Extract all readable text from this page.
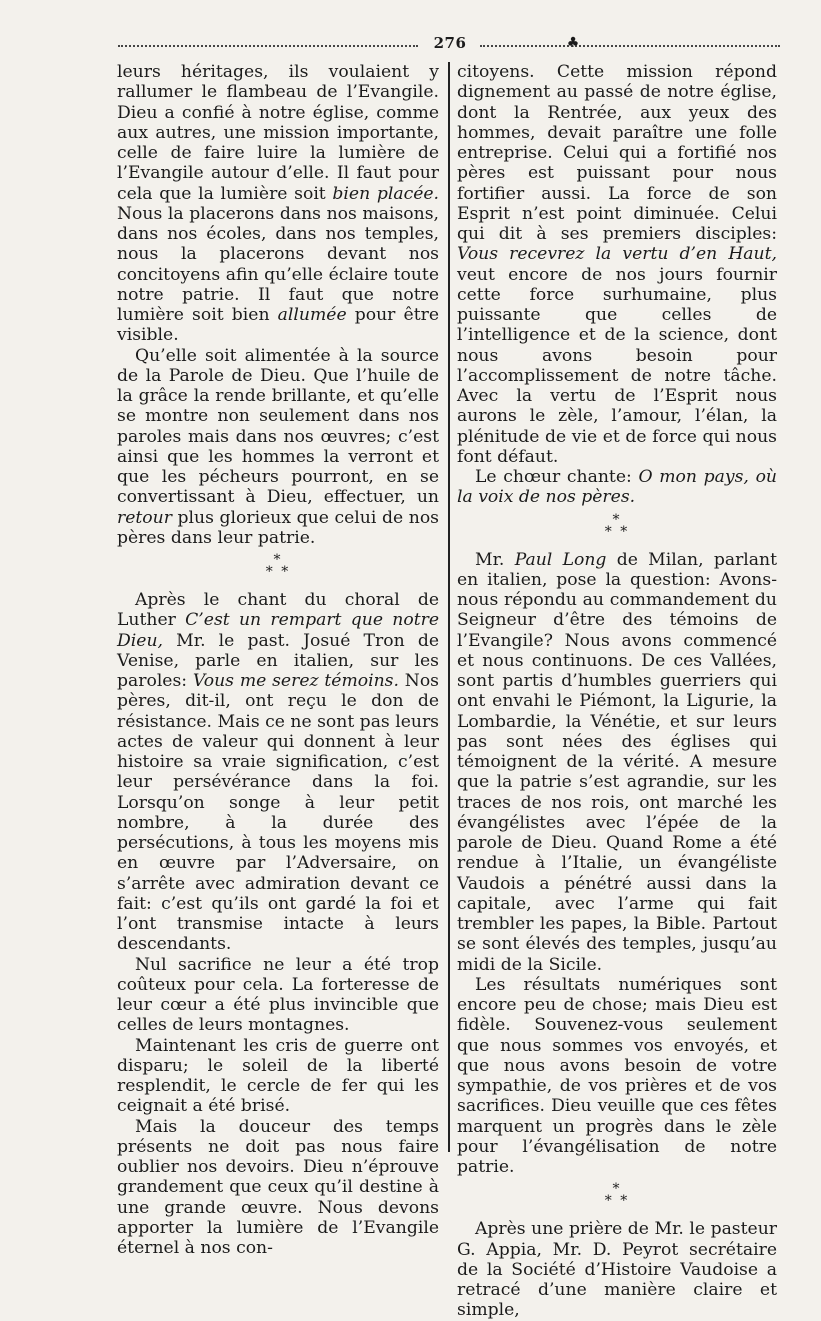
276	♣

leurs héritages, ils voulaient y rallumer le flambeau de l’Evangile. Dieu a confié à notre église, comme aux autres, une mission importante, celle de faire luire la lumière de l’Evangile autour d’elle. Il faut pour cela que la lumière soit bien placée. Nous la placerons dans nos maisons, dans nos écoles, dans nos temples, nous la placerons devant nos concitoyens afin qu’elle éclaire toute notre patrie. Il faut que notre lumière soit bien allumée pour être visible.

Qu’elle soit alimentée à la source de la Parole de Dieu. Que l’huile de la grâce la rende brillante, et qu’elle se montre non seulement dans nos paroles mais dans nos œuvres; c’est ainsi que les hommes la verront et que les pécheurs pourront, en se convertissant à Dieu, effectuer, un retour plus glorieux que celui de nos pères dans leur patrie.

*
* *

Après le chant du choral de Luther C’est un rempart que notre Dieu, Mr. le past. Josué Tron de Venise, parle en italien, sur les paroles: Vous me serez témoins. Nos pères, dit-il, ont reçu le don de résistance. Mais ce ne sont pas leurs actes de valeur qui donnent à leur histoire sa vraie signification, c’est leur persévérance dans la foi. Lorsqu’on songe à leur petit nombre, à la durée des persécutions, à tous les moyens mis en œuvre par l’Adversaire, on s’arrête avec admiration devant ce fait: c’est qu’ils ont gardé la foi et l’ont transmise intacte à leurs descendants.

Nul sacrifice ne leur a été trop coûteux pour cela. La forteresse de leur cœur a été plus invincible que celles de leurs montagnes.

Maintenant les cris de guerre ont disparu; le soleil de la liberté resplendit, le cercle de fer qui les ceignait a été brisé.

Mais la douceur des temps présents ne doit pas nous faire oublier nos devoirs. Dieu n’éprouve grandement que ceux qu’il destine à une grande œuvre. Nous devons apporter la lumière de l’Evangile éternel à nos con-

citoyens. Cette mission répond dignement au passé de notre église, dont la Rentrée, aux yeux des hommes, devait paraître une folle entreprise. Celui qui a fortifié nos pères est puissant pour nous fortifier aussi. La force de son Esprit n’est point diminuée. Celui qui dit à ses premiers disciples: Vous recevrez la vertu d’en Haut, veut encore de nos jours fournir cette force surhumaine, plus puissante que celles de l’intelligence et de la science, dont nous avons besoin pour l’accomplissement de notre tâche. Avec la vertu de l’Esprit nous aurons le zèle, l’amour, l’élan, la plénitude de vie et de force qui nous font défaut.

Le chœur chante: O mon pays, où la voix de nos pères.

*
* *

Mr. Paul Long de Milan, parlant en italien, pose la question: Avons-nous répondu au commandement du Seigneur d’être des témoins de l’Evangile? Nous avons commencé et nous continuons. De ces Vallées, sont partis d’humbles guerriers qui ont envahi le Piémont, la Ligurie, la Lombardie, la Vénétie, et sur leurs pas sont nées des églises qui témoignent de la vérité. A mesure que la patrie s’est agrandie, sur les traces de nos rois, ont marché les évangélistes avec l’épée de la parole de Dieu. Quand Rome a été rendue à l’Italie, un évangéliste Vaudois a pénétré aussi dans la capitale, avec l’arme qui fait trembler les papes, la Bible. Partout se sont élevés des temples, jusqu’au midi de la Sicile.

Les résultats numériques sont encore peu de chose; mais Dieu est fidèle. Souvenez-vous seulement que nous sommes vos envoyés, et que nous avons besoin de votre sympathie, de vos prières et de vos sacrifices. Dieu veuille que ces fêtes marquent un progrès dans le zèle pour l’évangélisation de notre patrie.

*
* *

Après une prière de Mr. le pasteur G. Appia, Mr. D. Peyrot secrétaire de la Société d’Histoire Vaudoise a retracé d’une manière claire et simple,
